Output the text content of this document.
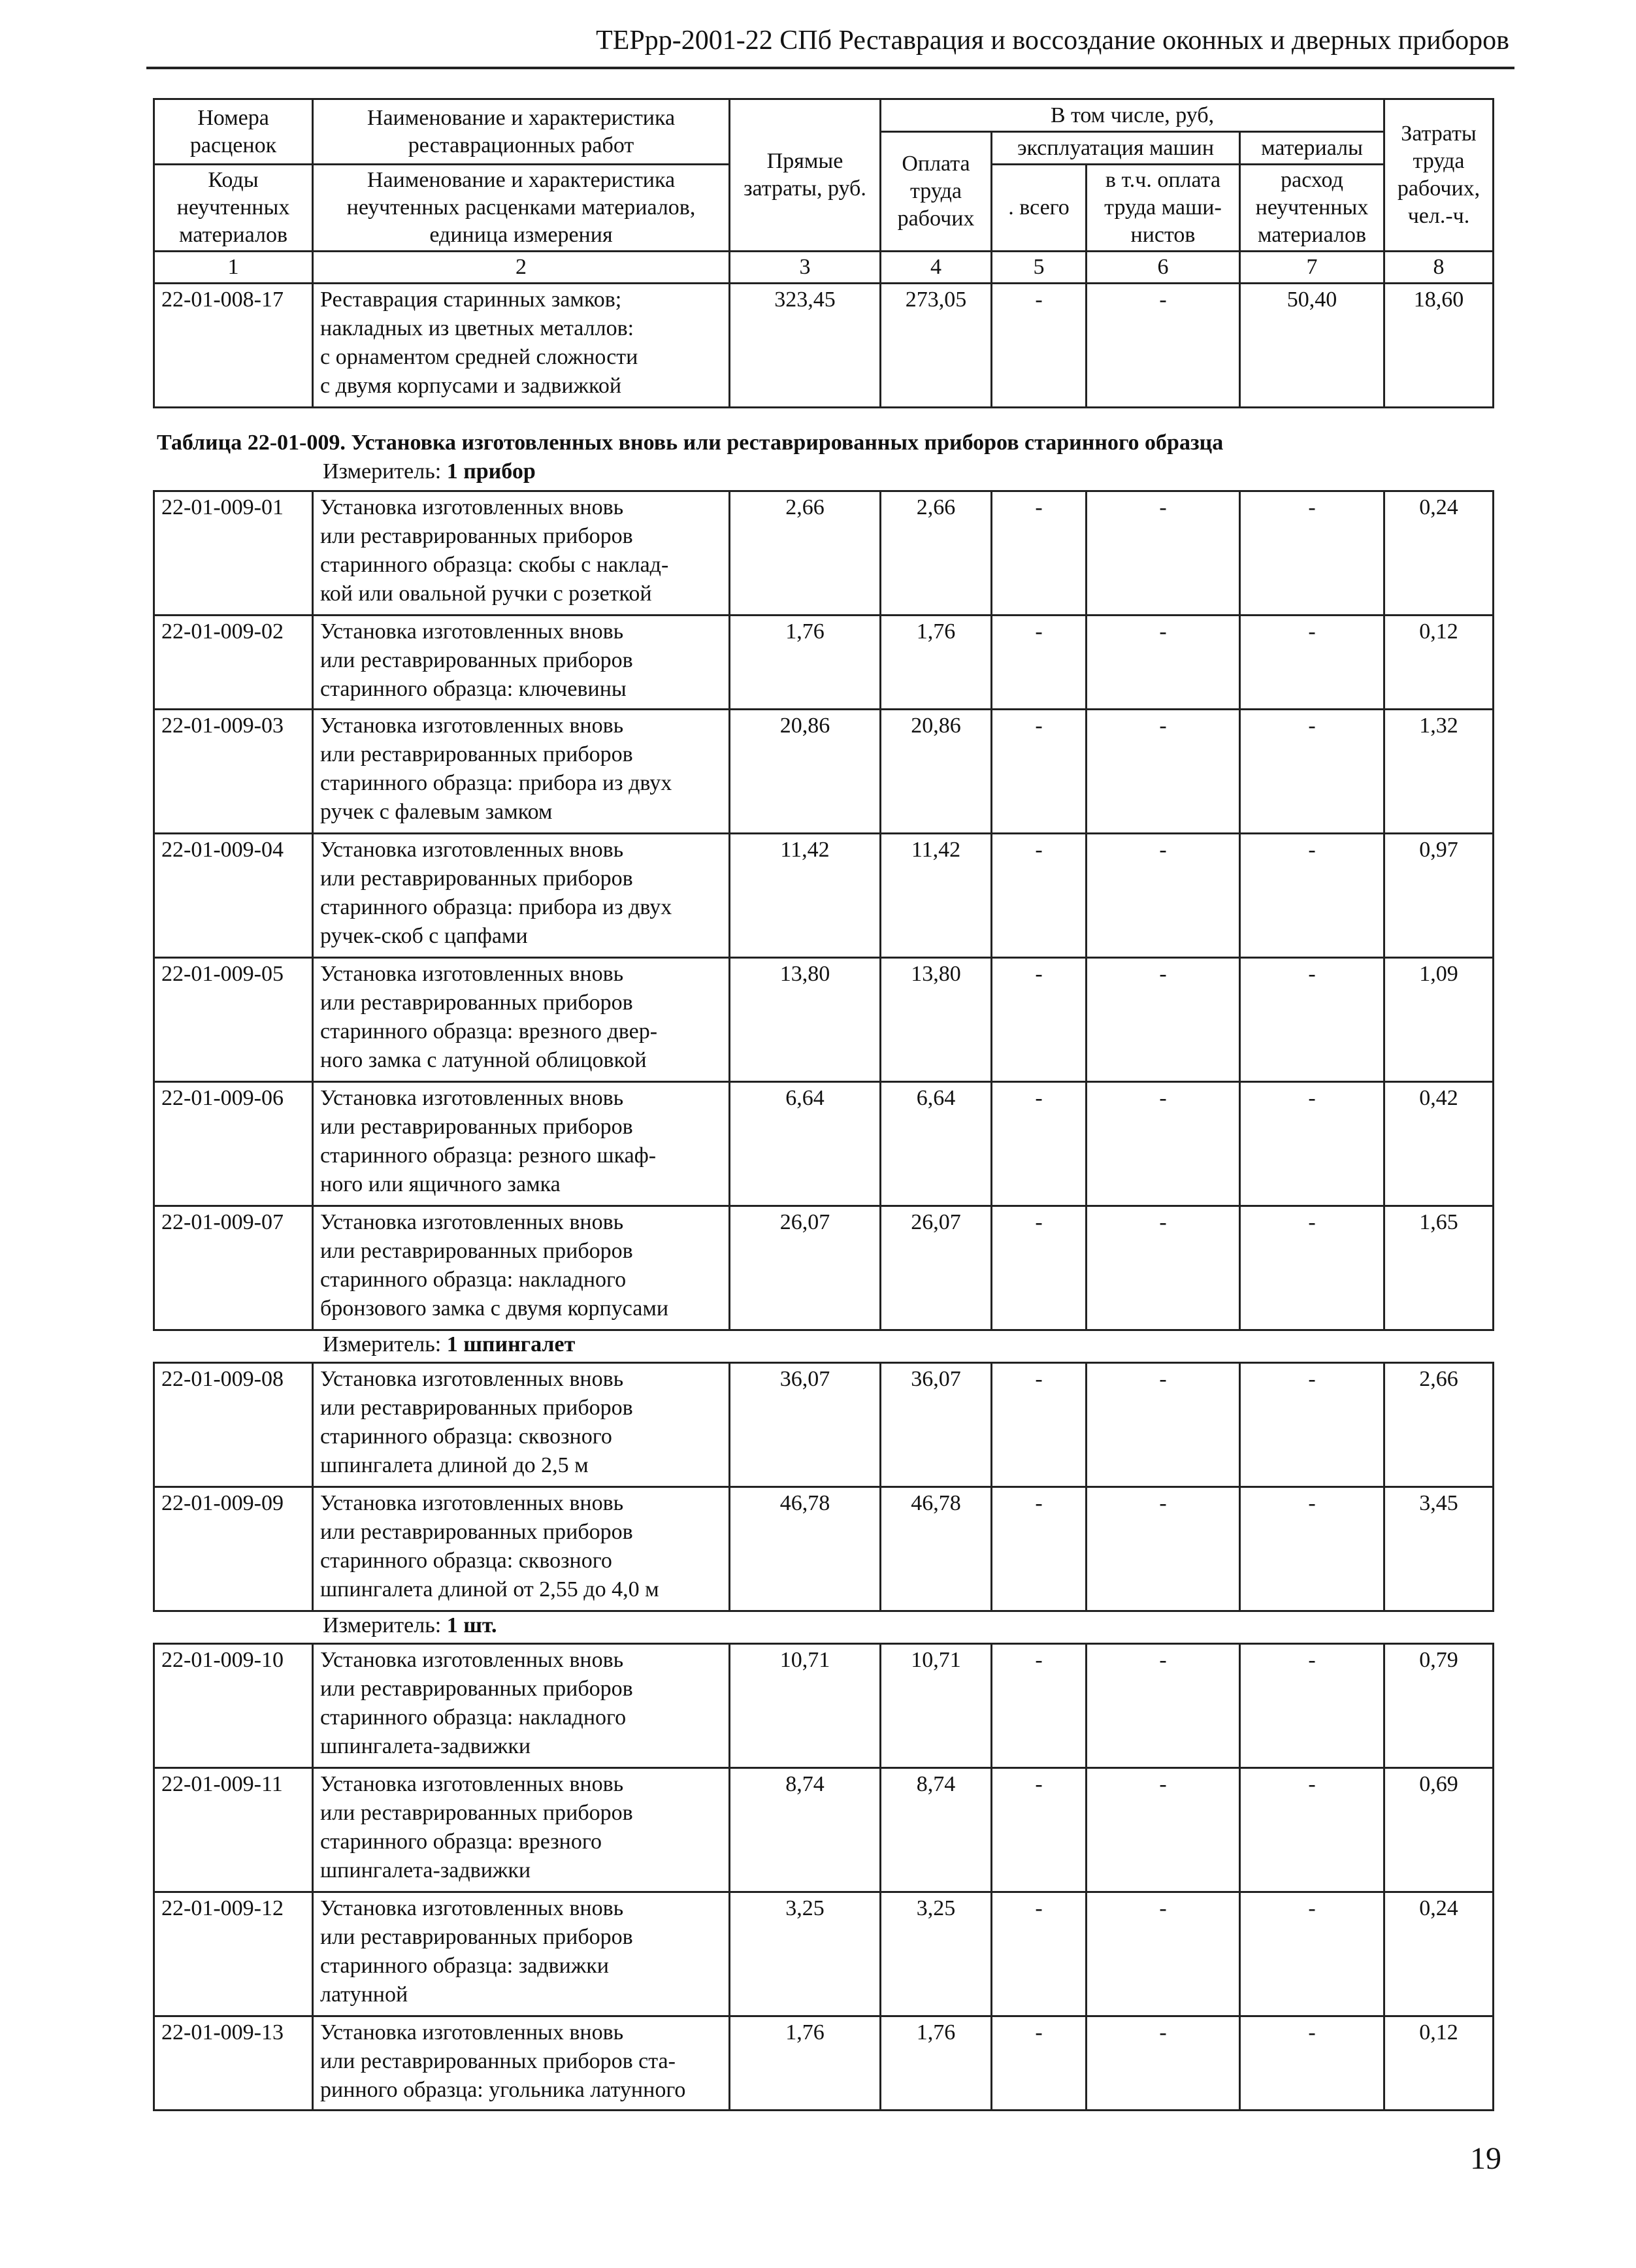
ТЕРрр-2001-22 СПб Реставрация и воссоздание оконных и дверных приборов
Номера расценок	Наименование и характеристика реставрационных работ	Прямые затраты, руб.	В том числе, руб,				Затраты труда рабочих, чел.-ч.
			Оплата труда рабочих	эксплуатация машин		материалы	
Коды неучтенных материалов	Наименование и характеристика неучтенных расценками материалов, единица измерения			. всего	в т.ч. оплата труда маши-нистов	расход неучтенных материалов	

1	2	3	4	5	6	7	8
22-01-008-17	Реставрация старинных замков;
накладных из цветных металлов:
с орнаментом средней сложности
с двумя корпусами и задвижкой	323,45	273,05	-	-	50,40	18,60
Таблица 22-01-009. Установка изготовленных вновь или реставрированных приборов старинного образца
Измеритель: 1 прибор
22-01-009-01	Установка изготовленных вновь
или реставрированных приборов
старинного образца: скобы с наклад-
кой или овальной ручки с розеткой	2,66	2,66	-	-	-	0,24
22-01-009-02	Установка изготовленных вновь
или реставрированных приборов
старинного образца: ключевины	1,76	1,76	-	-	-	0,12
22-01-009-03	Установка изготовленных вновь
или реставрированных приборов
старинного образца: прибора из двух
ручек с фалевым замком	20,86	20,86	-	-	-	1,32
22-01-009-04	Установка изготовленных вновь
или реставрированных приборов
старинного образца: прибора из двух
ручек-скоб с цапфами	11,42	11,42	-	-	-	0,97
22-01-009-05	Установка изготовленных вновь
или реставрированных приборов
старинного образца: врезного двер-
ного замка с латунной облицовкой	13,80	13,80	-	-	-	1,09
22-01-009-06	Установка изготовленных вновь
или реставрированных приборов
старинного образца: резного шкаф-
ного или ящичного замка	6,64	6,64	-	-	-	0,42
22-01-009-07	Установка изготовленных вновь
или реставрированных приборов
старинного образца: накладного
бронзового замка с двумя корпусами	26,07	26,07	-	-	-	1,65
Измеритель: 1 шпингалет
22-01-009-08	Установка изготовленных вновь
или реставрированных приборов
старинного образца: сквозного
шпингалета длиной до 2,5 м	36,07	36,07	-	-	-	2,66
22-01-009-09	Установка изготовленных вновь
или реставрированных приборов
старинного образца: сквозного
шпингалета длиной от 2,55 до 4,0 м	46,78	46,78	-	-	-	3,45
Измеритель: 1 шт.
22-01-009-10	Установка изготовленных вновь
или реставрированных приборов
старинного образца: накладного
шпингалета-задвижки	10,71	10,71	-	-	-	0,79
22-01-009-11	Установка изготовленных вновь
или реставрированных приборов
старинного образца: врезного
шпингалета-задвижки	8,74	8,74	-	-	-	0,69
22-01-009-12	Установка изготовленных вновь
или реставрированных приборов
старинного образца: задвижки
латунной	3,25	3,25	-	-	-	0,24
22-01-009-13	Установка изготовленных вновь
или реставрированных приборов ста-
ринного образца: угольника латунного	1,76	1,76	-	-	-	0,12
19
